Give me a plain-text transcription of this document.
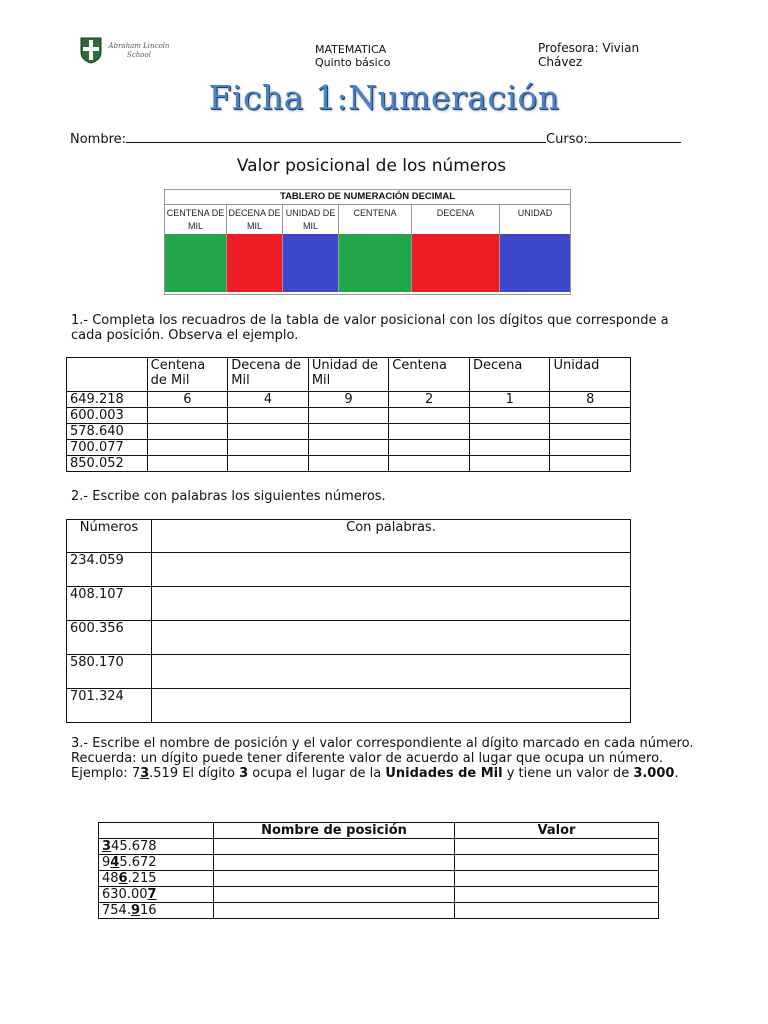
Abraham Lincoln
School	MATEMATICA
Quinto básico
Profesora: Vivian
Chávez
Ficha 1:Numeración
Nombre:	Curso:
Valor posicional de los números
TABLERO DE NUMERACIÓN DECIMAL
CENTENA DE MIL
DECENA DE MIL
UNIDAD DE MIL
CENTENA	DECENA	UNIDAD
1.- Completa los recuadros de la tabla de valor posicional con los dígitos que corresponde a cada posición. Observa el ejemplo.
	Centena de Mil	Decena de Mil	Unidad de Mil	Centena	Decena	Unidad
649.218	6	4	9	2	1	8
600.003						
578.640						
700.077						
850.052						
2.- Escribe con palabras los siguientes números.
Números	Con palabras.
234.059	
408.107	
600.356	
580.170	
701.324	
3.- Escribe el nombre de posición y el valor correspondiente al dígito marcado en cada número.
Recuerda: un dígito puede tener diferente valor de acuerdo al lugar que ocupa un número. Ejemplo: 73.519 El dígito 3 ocupa el lugar de la Unidades de Mil y tiene un valor de 3.000.
	Nombre de posición	Valor
345.678		
945.672		
486.215		
630.007		
754.916		
